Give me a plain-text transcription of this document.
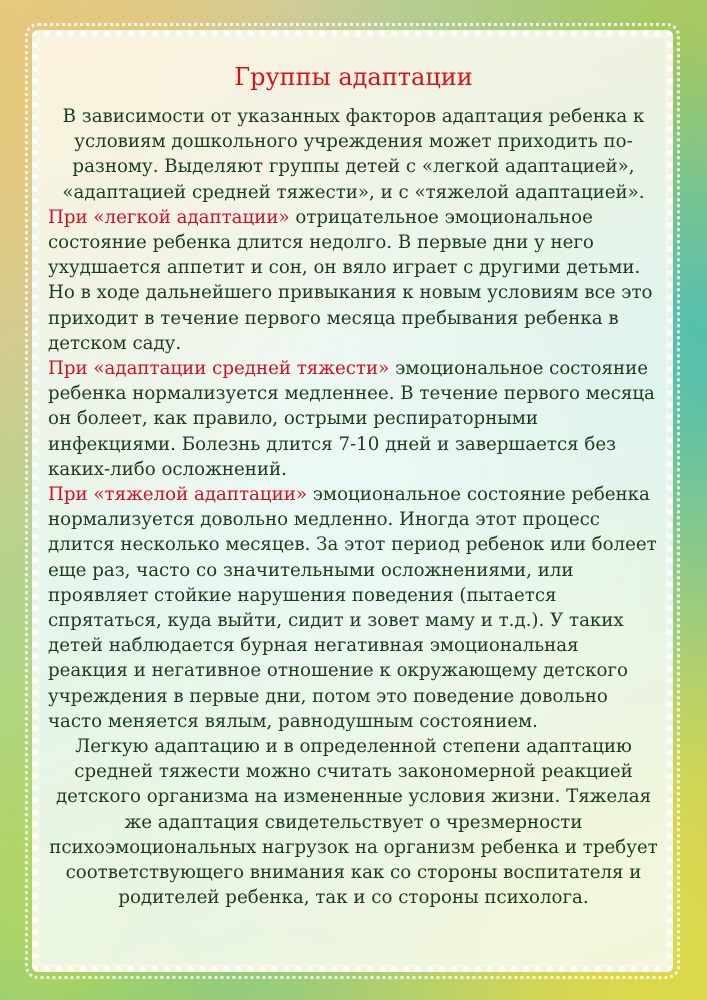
Группы адаптации

В зависимости от указанных факторов адаптация ребенка к условиям дошкольного учреждения может приходить по-разному. Выделяют группы детей с «легкой адаптацией», «адаптацией средней тяжести», и с «тяжелой адаптацией».

При «легкой адаптации» отрицательное эмоциональное состояние ребенка длится недолго. В первые дни у него ухудшается аппетит и сон, он вяло играет с другими детьми. Но в ходе дальнейшего привыкания к новым условиям все это приходит в течение первого месяца пребывания ребенка в детском саду.

При «адаптации средней тяжести» эмоциональное состояние ребенка нормализуется медленнее. В течение первого месяца он болеет, как правило, острыми респираторными инфекциями. Болезнь длится 7-10 дней и завершается без каких-либо осложнений.

При «тяжелой адаптации» эмоциональное состояние ребенка нормализуется довольно медленно. Иногда этот процесс длится несколько месяцев. За этот период ребенок или болеет еще раз, часто со значительными осложнениями, или проявляет стойкие нарушения поведения (пытается спрятаться, куда выйти, сидит и зовет маму и т.д.). У таких детей наблюдается бурная негативная эмоциональная реакция и негативное отношение к окружающему детского учреждения в первые дни, потом это поведение довольно часто меняется вялым, равнодушным состоянием.

Легкую адаптацию и в определенной степени адаптацию средней тяжести можно считать закономерной реакцией детского организма на измененные условия жизни. Тяжелая же адаптация свидетельствует о чрезмерности психоэмоциональных нагрузок на организм ребенка и требует соответствующего внимания как со стороны воспитателя и родителей ребенка, так и со стороны психолога.
